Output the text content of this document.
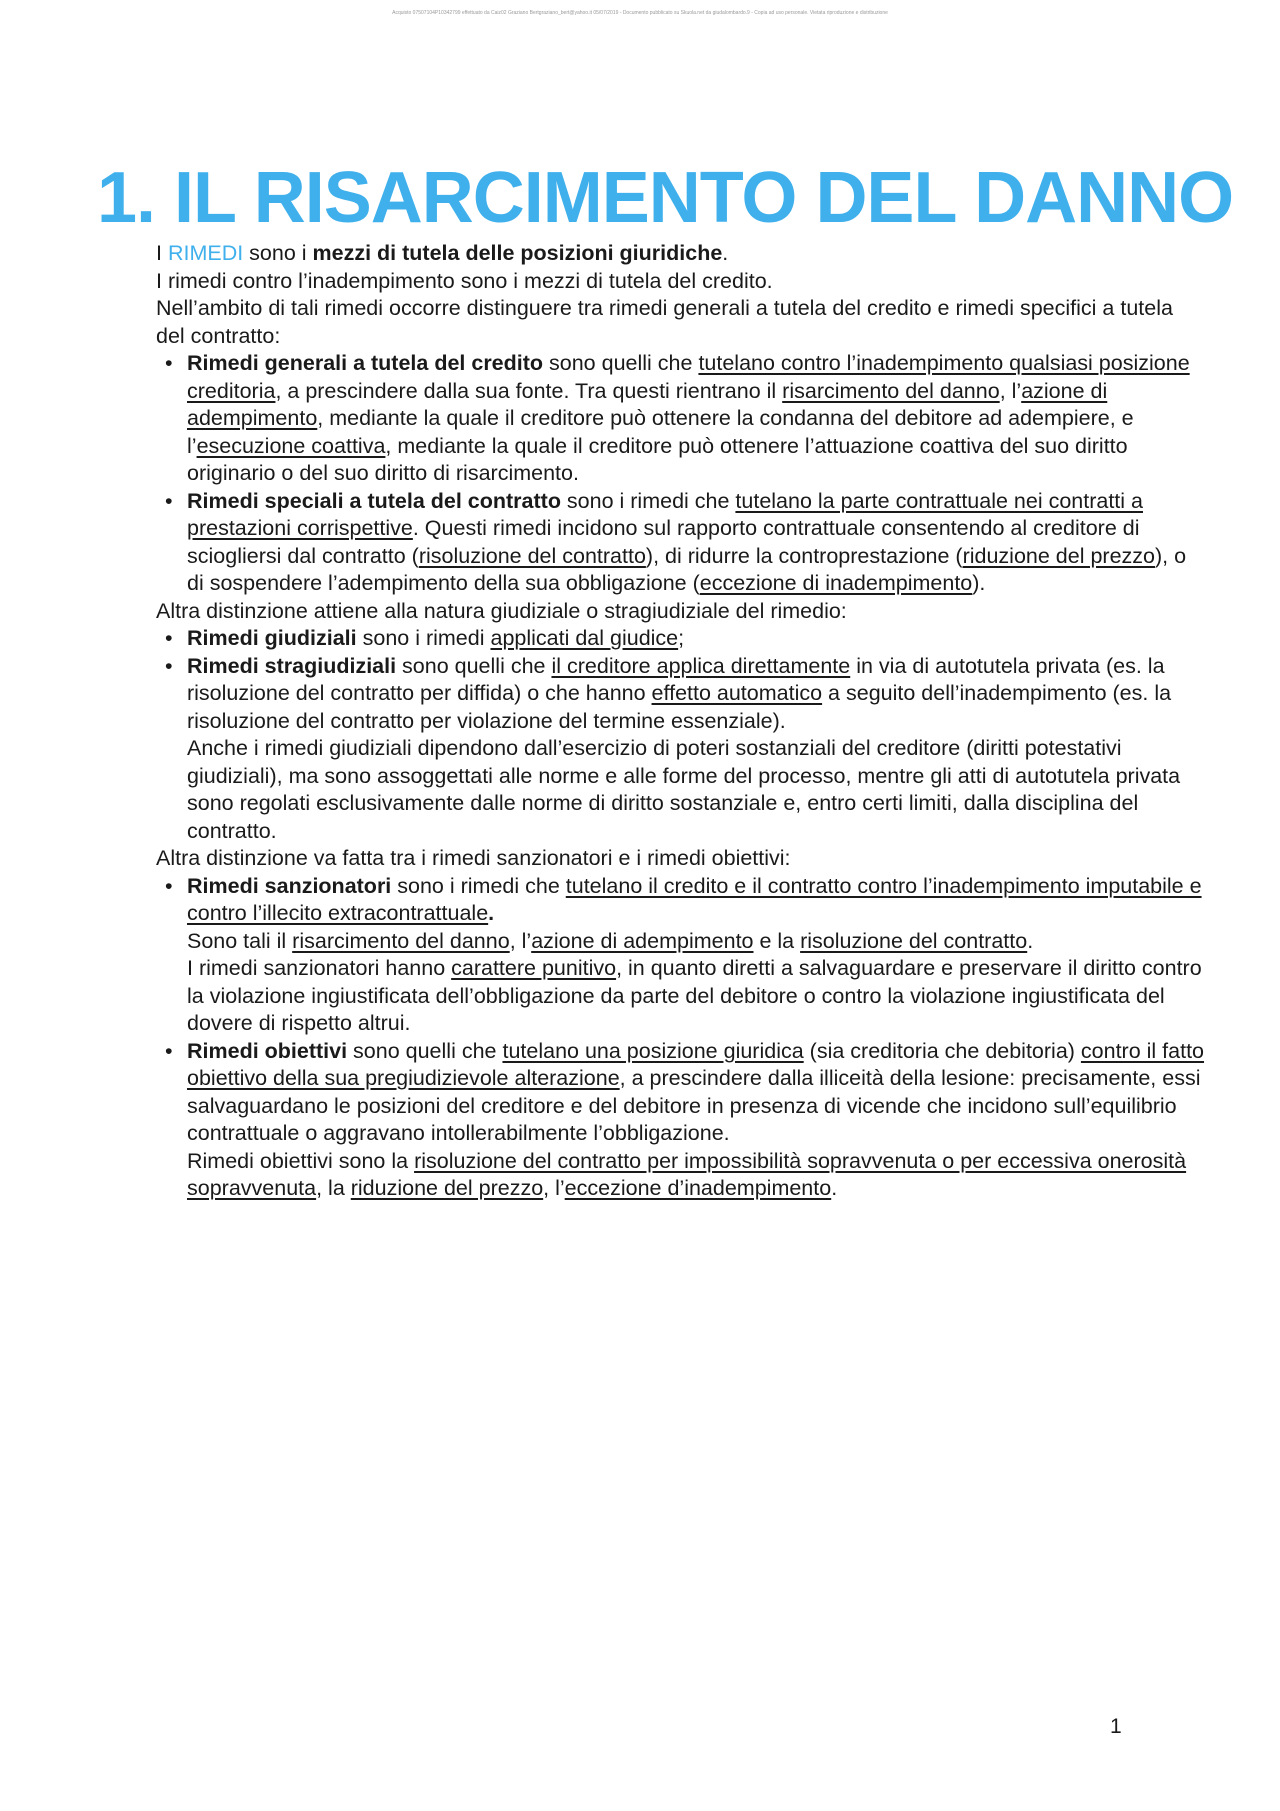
Acquisto 07507104P10342799 effettuato da Caiz02 Graziano Bertgraziano_bert@yahoo.it 05/07/2019 - Documento pubblicato su Skuola.net da giudalombardo.9 - Copia ad uso personale. Vietata riproduzione e distribuzione
1. IL RISARCIMENTO DEL DANNO

I RIMEDI sono i mezzi di tutela delle posizioni giuridiche.

I rimedi contro l’inadempimento sono i mezzi di tutela del credito.

Nell’ambito di tali rimedi occorre distinguere tra rimedi generali a tutela del credito e rimedi specifici a tutela del contratto:

• Rimedi generali a tutela del credito sono quelli che tutelano contro l’inadempimento qualsiasi posizione creditoria, a prescindere dalla sua fonte. Tra questi rientrano il risarcimento del danno, l’azione di adempimento, mediante la quale il creditore può ottenere la condanna del debitore ad adempiere, e l’esecuzione coattiva, mediante la quale il creditore può ottenere l’attuazione coattiva del suo diritto originario o del suo diritto di risarcimento.
• Rimedi speciali a tutela del contratto sono i rimedi che tutelano la parte contrattuale nei contratti a prestazioni corrispettive. Questi rimedi incidono sul rapporto contrattuale consentendo al creditore di sciogliersi dal contratto (risoluzione del contratto), di ridurre la controprestazione (riduzione del prezzo), o di sospendere l’adempimento della sua obbligazione (eccezione di inadempimento).

Altra distinzione attiene alla natura giudiziale o stragiudiziale del rimedio:

• Rimedi giudiziali sono i rimedi applicati dal giudice;
• Rimedi stragiudiziali sono quelli che il creditore applica direttamente in via di autotutela privata (es. la risoluzione del contratto per diffida) o che hanno effetto automatico a seguito dell’inadempimento (es. la risoluzione del contratto per violazione del termine essenziale).
Anche i rimedi giudiziali dipendono dall’esercizio di poteri sostanziali del creditore (diritti potestativi giudiziali), ma sono assoggettati alle norme e alle forme del processo, mentre gli atti di autotutela privata sono regolati esclusivamente dalle norme di diritto sostanziale e, entro certi limiti, dalla disciplina del contratto.

Altra distinzione va fatta tra i rimedi sanzionatori e i rimedi obiettivi:

• Rimedi sanzionatori sono i rimedi che tutelano il credito e il contratto contro l’inadempimento imputabile e contro l’illecito extracontrattuale.
Sono tali il risarcimento del danno, l’azione di adempimento e la risoluzione del contratto.
I rimedi sanzionatori hanno carattere punitivo, in quanto diretti a salvaguardare e preservare il diritto contro la violazione ingiustificata dell’obbligazione da parte del debitore o contro la violazione ingiustificata del dovere di rispetto altrui.
• Rimedi obiettivi sono quelli che tutelano una posizione giuridica (sia creditoria che debitoria) contro il fatto obiettivo della sua pregiudizievole alterazione, a prescindere dalla illiceità della lesione: precisamente, essi salvaguardano le posizioni del creditore e del debitore in presenza di vicende che incidono sull’equilibrio contrattuale o aggravano intollerabilmente l’obbligazione.
Rimedi obiettivi sono la risoluzione del contratto per impossibilità sopravvenuta o per eccessiva onerosità sopravvenuta, la riduzione del prezzo, l’eccezione d’inadempimento.
1
